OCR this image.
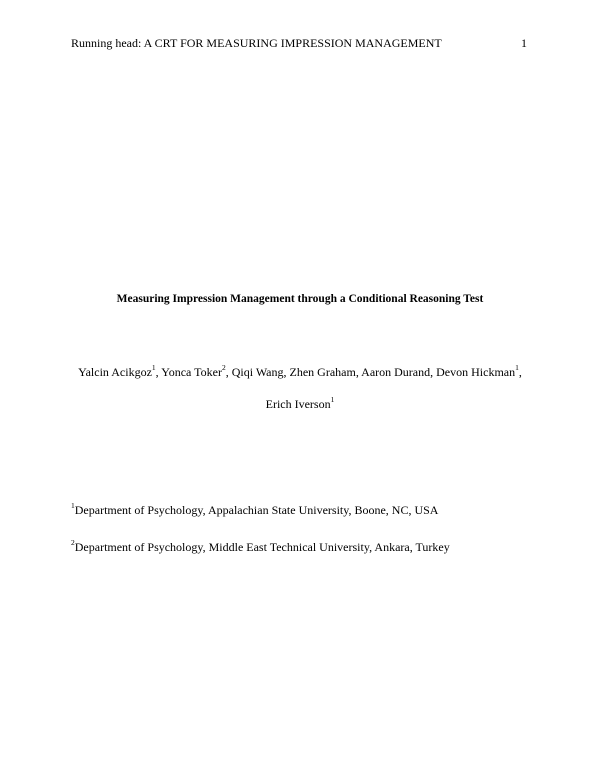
Running head: A CRT FOR MEASURING IMPRESSION MANAGEMENT	1
Measuring Impression Management through a Conditional Reasoning Test
Yalcin Acikgoz$^1$, Yonca Toker$^2$, Qiqi Wang, Zhen Graham, Aaron Durand, Devon Hickman$^1$,
Erich Iverson$^1$
$^1$Department of Psychology, Appalachian State University, Boone, NC, USA
$^2$Department of Psychology, Middle East Technical University, Ankara, Turkey
